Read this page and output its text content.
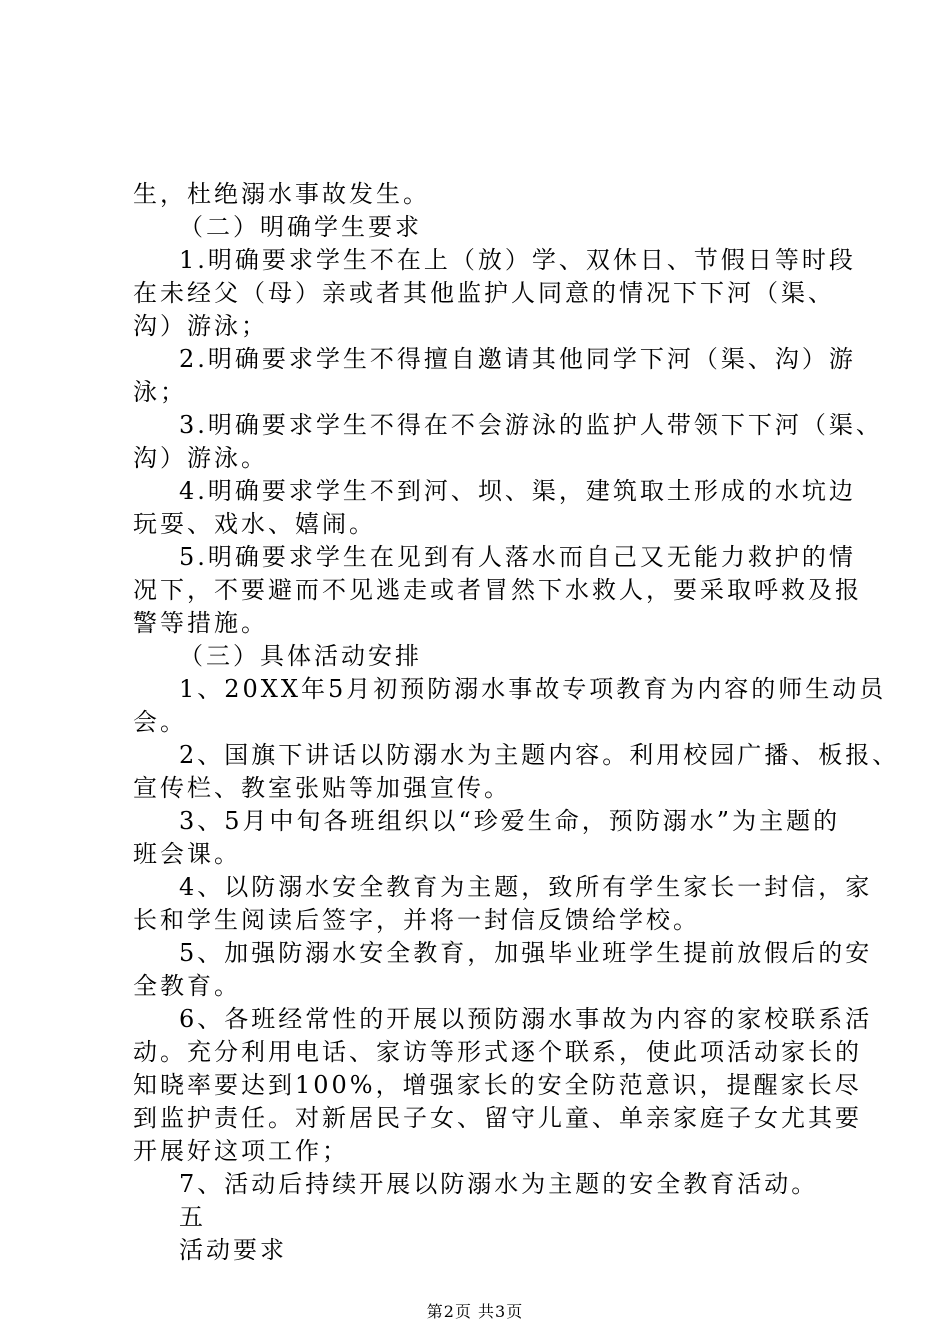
生，杜绝溺水事故发生。
（二）明确学生要求
1.明确要求学生不在上（放）学、双休日、节假日等时段
在未经父（母）亲或者其他监护人同意的情况下下河（渠、
沟）游泳；
2.明确要求学生不得擅自邀请其他同学下河（渠、沟）游
泳；
3.明确要求学生不得在不会游泳的监护人带领下下河（渠、
沟）游泳。
4.明确要求学生不到河、坝、渠，建筑取土形成的水坑边
玩耍、戏水、嬉闹。
5.明确要求学生在见到有人落水而自己又无能力救护的情
况下，不要避而不见逃走或者冒然下水救人，要采取呼救及报
警等措施。
（三）具体活动安排
1、20XX年5月初预防溺水事故专项教育为内容的师生动员
会。
2、国旗下讲话以防溺水为主题内容。利用校园广播、板报、
宣传栏、教室张贴等加强宣传。
3、5月中旬各班组织以“珍爱生命，预防溺水”为主题的
班会课。
4、以防溺水安全教育为主题，致所有学生家长一封信，家
长和学生阅读后签字，并将一封信反馈给学校。
5、加强防溺水安全教育，加强毕业班学生提前放假后的安
全教育。
6、各班经常性的开展以预防溺水事故为内容的家校联系活
动。充分利用电话、家访等形式逐个联系，使此项活动家长的
知晓率要达到100%，增强家长的安全防范意识，提醒家长尽
到监护责任。对新居民子女、留守儿童、单亲家庭子女尤其要
开展好这项工作；
7、活动后持续开展以防溺水为主题的安全教育活动。
五
活动要求
第2页 共3页
